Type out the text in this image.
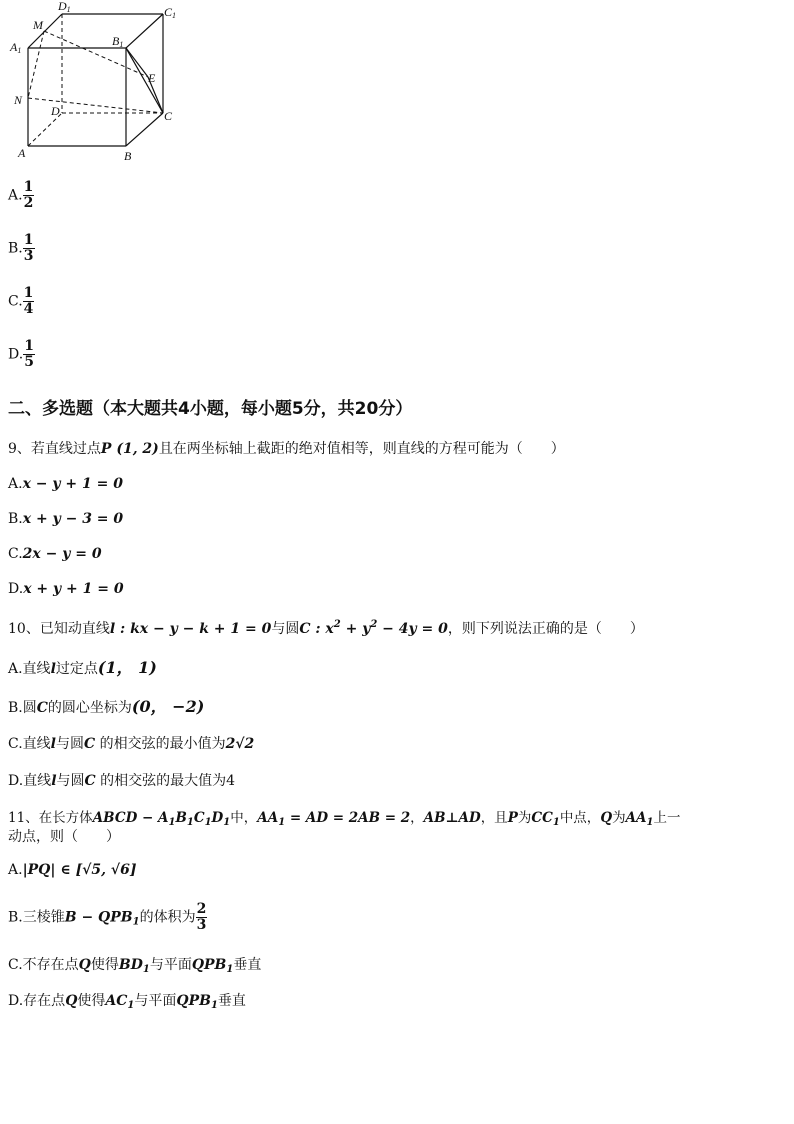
D1	C1
A1
B1
M
N
E
D	C
A	B
A. $\frac{1}{2}$
B. $\frac{1}{3}$
C. $\frac{1}{4}$
D. $\frac{1}{5}$
二、多选题（本大题共4小题，每小题5分，共20分）
9、若直线过点P (1, 2)且在两坐标轴上截距的绝对值相等，则直线的方程可能为（　　）
A.x − y + 1 = 0
B.x + y − 3 = 0
C.2x − y = 0
D.x + y + 1 = 0
10、已知动直线l : kx − y − k + 1 = 0与圆C : $x^2 + y^2 - 4y = 0$，则下列说法正确的是（　　）
A.直线l过定点(1， 1)
B.圆C的圆心坐标为(0， −2)
C.直线l与圆C 的相交弦的最小值为2√2
D.直线l与圆C 的相交弦的最大值为4
11、在长方体ABCD − $A_1B_1C_1D_1$中，$AA_1$ = AD = 2AB = 2，AB⊥AD，且P为$CC_1$中点，Q为$AA_1$上一
动点，则（　　）
A.|PQ| ∈ [√5, √6]
B.三棱锥$B - QPB_1$的体积为 $\frac{2}{3}$
C.不存在点Q使得$BD_1$与平面$QPB_1$垂直
D.存在点Q使得$AC_1$与平面$QPB_1$垂直
